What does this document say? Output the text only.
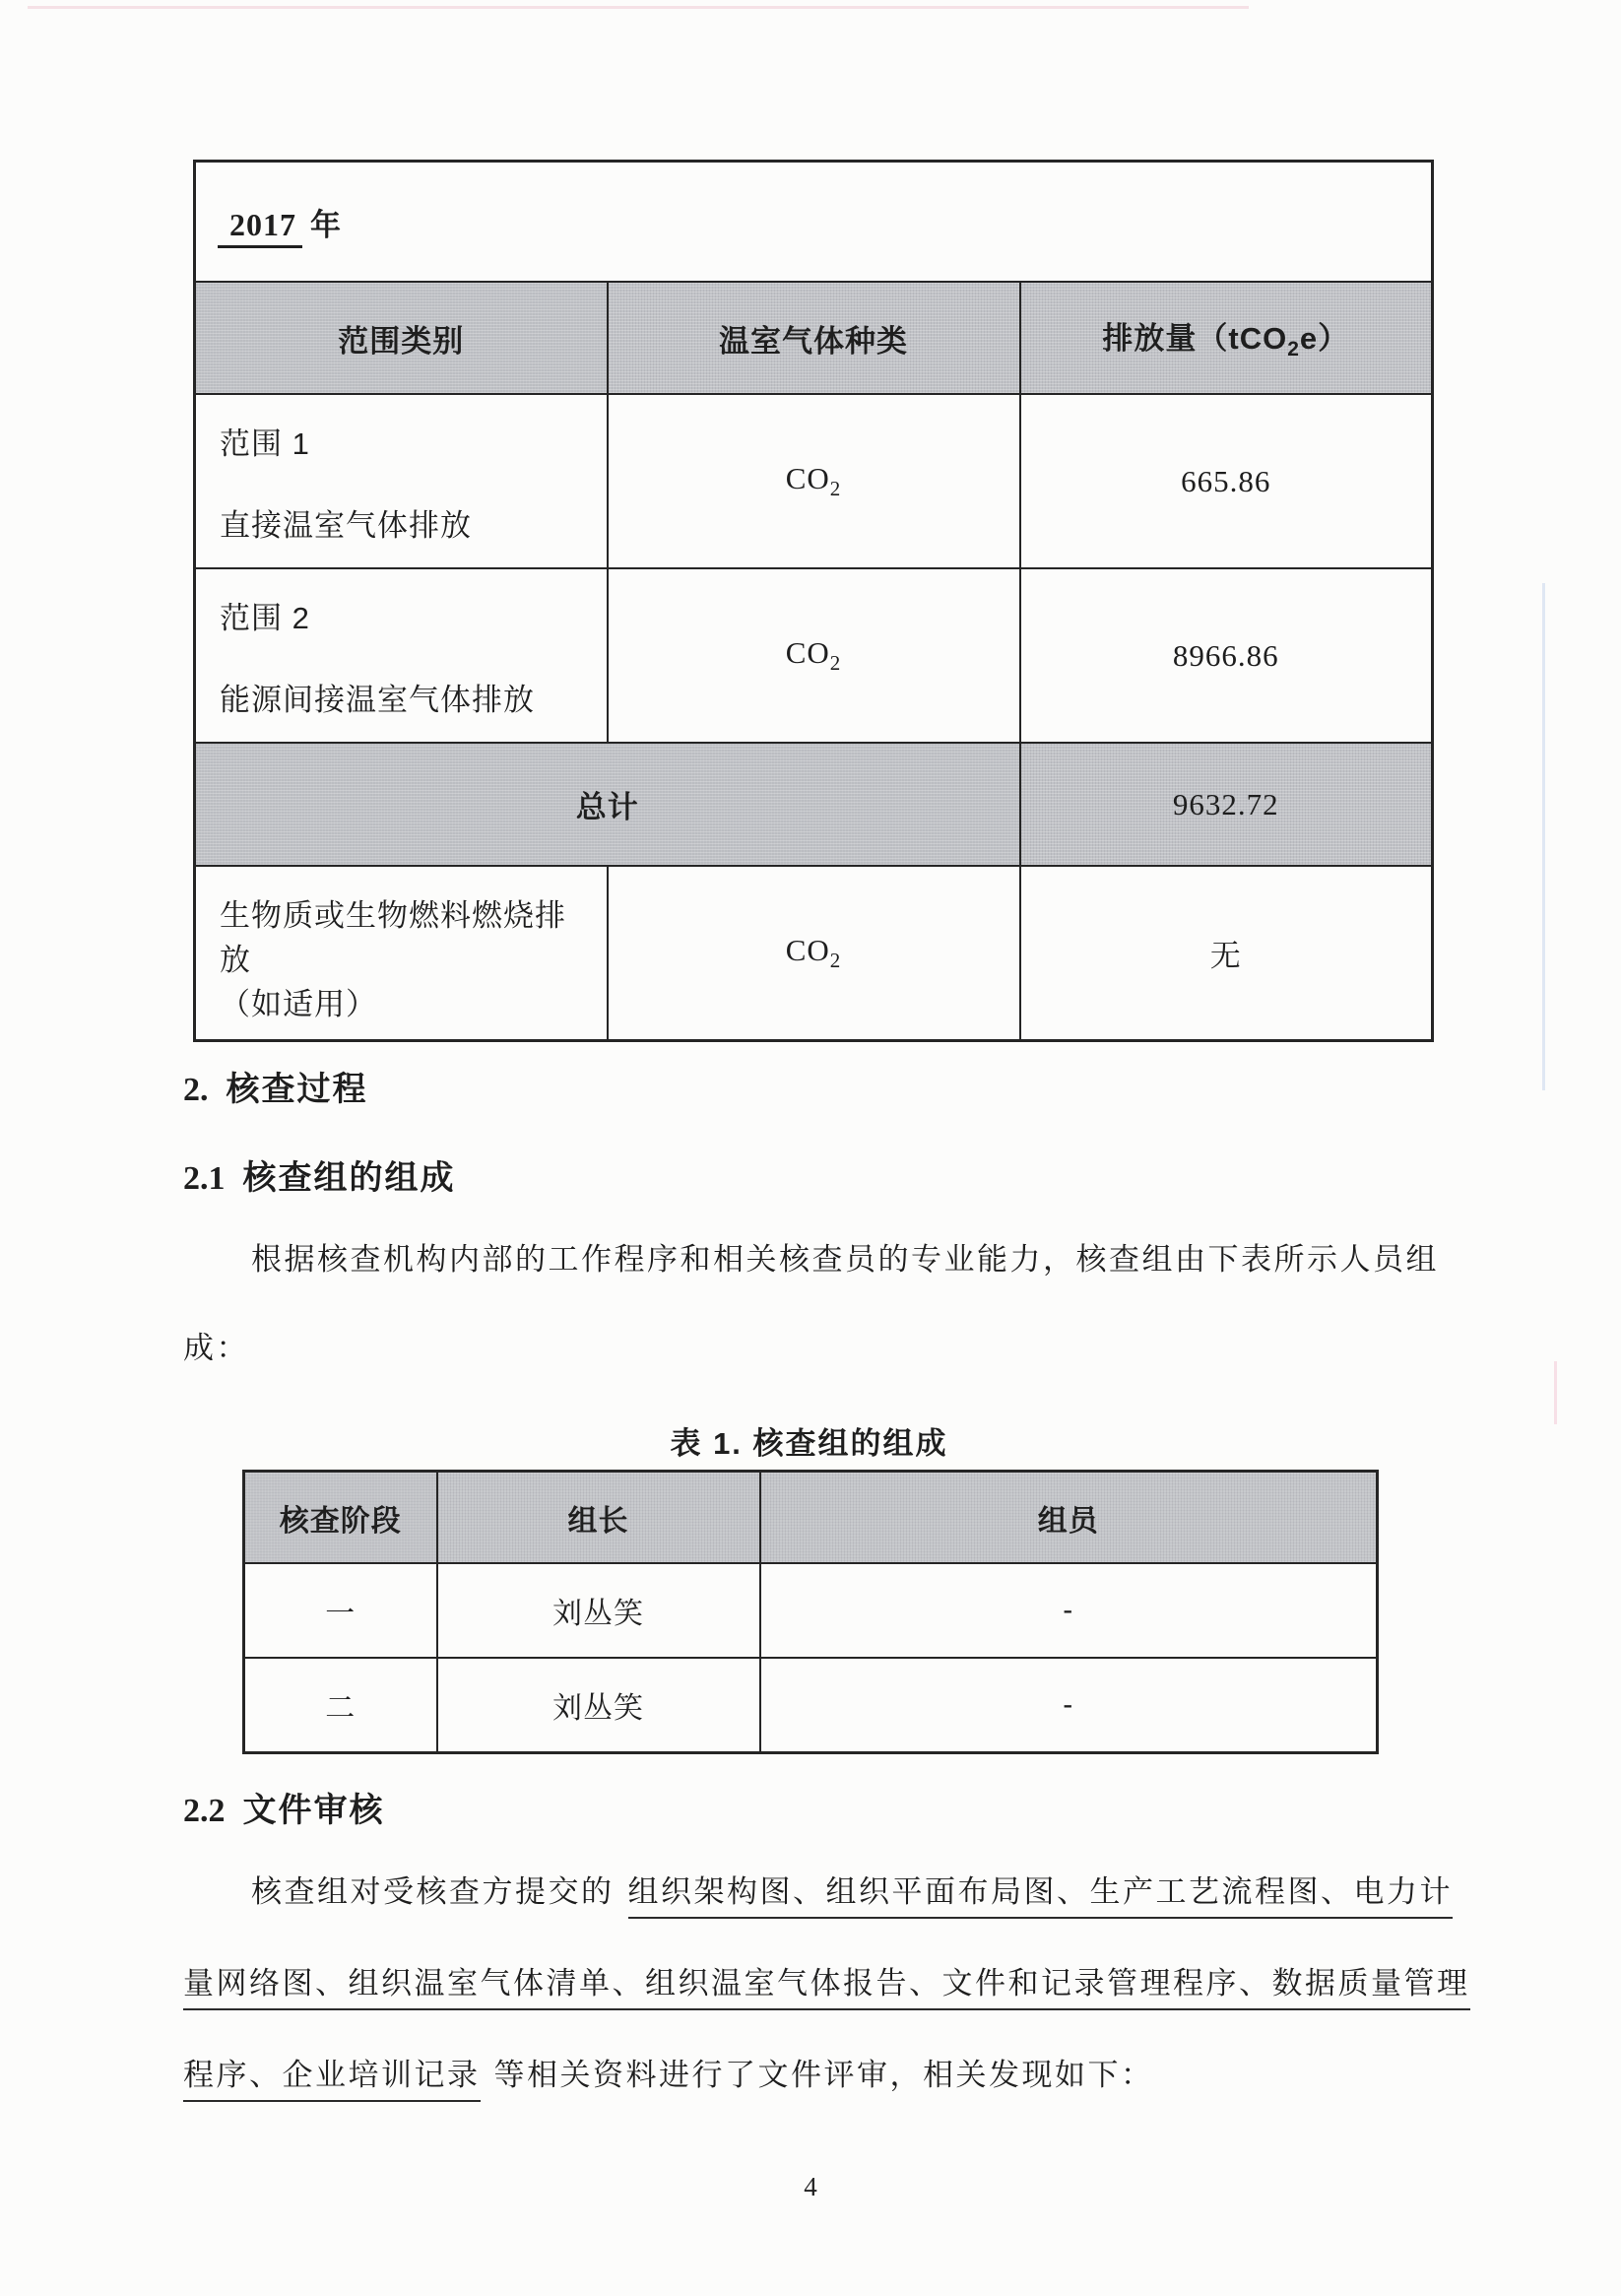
2017 年		
范围类别	温室气体种类	排放量（tCO$_2$e）

范围 1
直接温室气体排放	$CO_2$	665.86

范围 2
能源间接温室气体排放	$CO_2$	8966.86
总计		9632.72

生物质或生物燃料燃烧排放
（如适用）	$CO_2$	无
2. 核查过程
2.1 核查组的组成
根据核查机构内部的工作程序和相关核查员的专业能力，核查组由下表所示人员组
成：
表 1. 核查组的组成
核查阶段	组长	组员
一	刘丛笑	-
二	刘丛笑	-
2.2 文件审核
核查组对受核查方提交的 组织架构图、组织平面布局图、生产工艺流程图、电力计
量网络图、组织温室气体清单、组织温室气体报告、文件和记录管理程序、数据质量管理
程序、企业培训记录 等相关资料进行了文件评审，相关发现如下：
4
